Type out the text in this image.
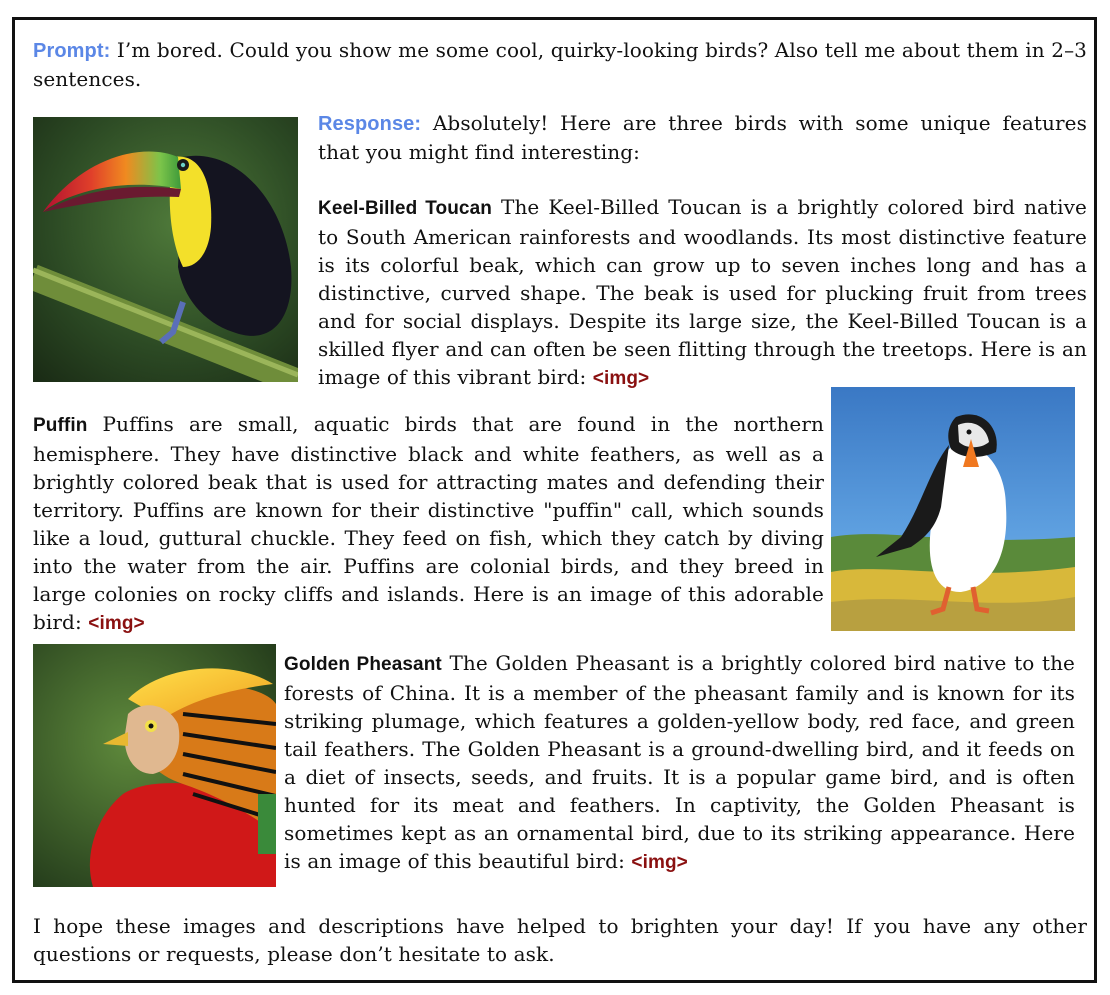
Prompt: I’m bored. Could you show me some cool, quirky-looking birds? Also tell me about them in 2–3 sentences.

Response: Absolutely! Here are three birds with some unique features that you might find interesting:

Keel-Billed Toucan The Keel-Billed Toucan is a brightly colored bird native to South American rainforests and woodlands. Its most distinctive feature is its colorful beak, which can grow up to seven inches long and has a distinctive, curved shape. The beak is used for plucking fruit from trees and for social displays. Despite its large size, the Keel-Billed Toucan is a skilled flyer and can often be seen flitting through the treetops. Here is an image of this vibrant bird: <img>

Puffin Puffins are small, aquatic birds that are found in the northern hemisphere. They have distinctive black and white feathers, as well as a brightly colored beak that is used for attracting mates and defending their territory. Puffins are known for their distinctive "puffin" call, which sounds like a loud, guttural chuckle. They feed on fish, which they catch by diving into the water from the air. Puffins are colonial birds, and they breed in large colonies on rocky cliffs and islands. Here is an image of this adorable bird: <img>

Golden Pheasant The Golden Pheasant is a brightly colored bird native to the forests of China. It is a member of the pheasant family and is known for its striking plumage, which features a golden-yellow body, red face, and green tail feathers. The Golden Pheasant is a ground-dwelling bird, and it feeds on a diet of insects, seeds, and fruits. It is a popular game bird, and is often hunted for its meat and feathers. In captivity, the Golden Pheasant is sometimes kept as an ornamental bird, due to its striking appearance. Here is an image of this beautiful bird: <img>

I hope these images and descriptions have helped to brighten your day! If you have any other questions or requests, please don’t hesitate to ask.
